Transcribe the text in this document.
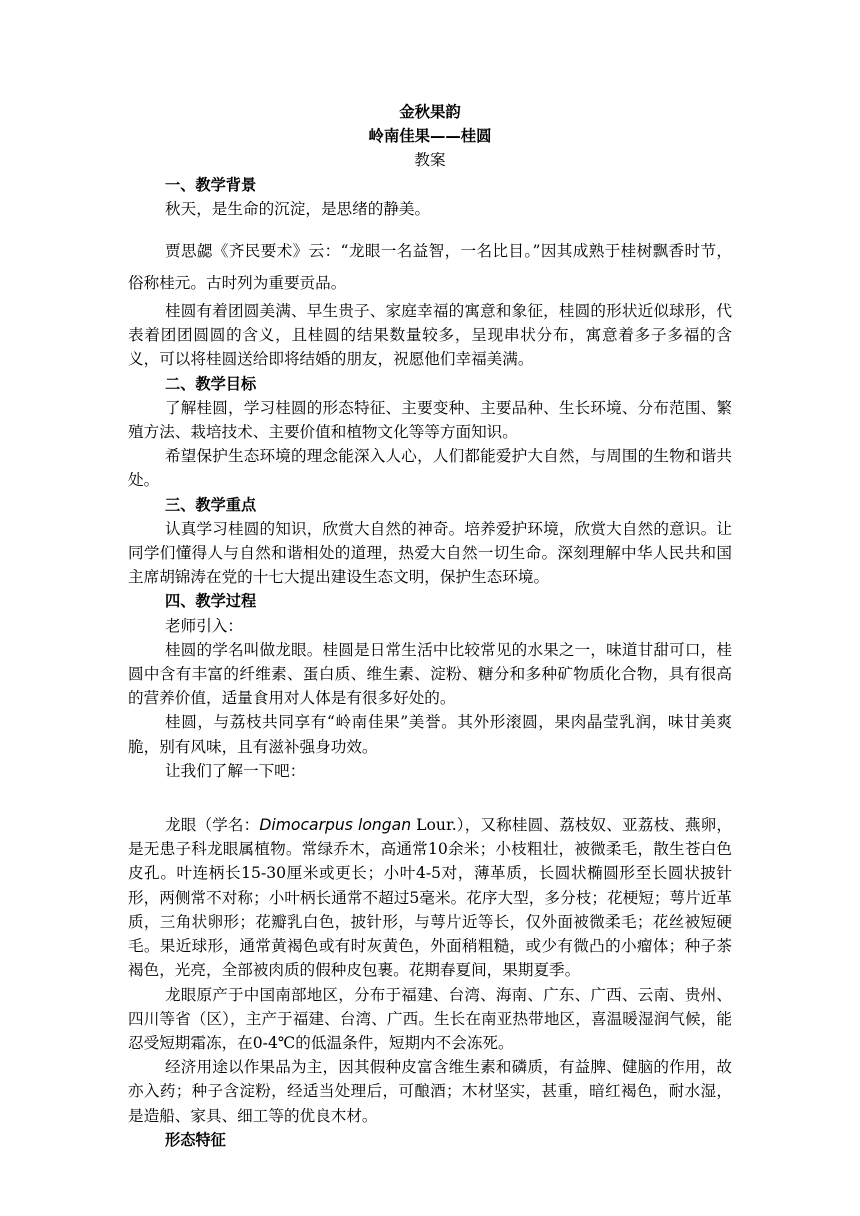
金秋果韵
岭南佳果——桂圆
教案
一、教学背景

秋天，是生命的沉淀，是思绪的静美。

贾思勰《齐民要术》云：“龙眼一名益智，一名比目。”因其成熟于桂树飘香时节，俗称桂元。古时列为重要贡品。

桂圆有着团圆美满、早生贵子、家庭幸福的寓意和象征，桂圆的形状近似球形，代表着团团圆圆的含义，且桂圆的结果数量较多，呈现串状分布，寓意着多子多福的含义，可以将桂圆送给即将结婚的朋友，祝愿他们幸福美满。

二、教学目标

了解桂圆，学习桂圆的形态特征、主要变种、主要品种、生长环境、分布范围、繁殖方法、栽培技术、主要价值和植物文化等等方面知识。

希望保护生态环境的理念能深入人心，人们都能爱护大自然，与周围的生物和谐共处。

三、教学重点

认真学习桂圆的知识，欣赏大自然的神奇。培养爱护环境，欣赏大自然的意识。让同学们懂得人与自然和谐相处的道理，热爱大自然一切生命。深刻理解中华人民共和国主席胡锦涛在党的十七大提出建设生态文明，保护生态环境。

四、教学过程

老师引入：

桂圆的学名叫做龙眼。桂圆是日常生活中比较常见的水果之一，味道甘甜可口，桂圆中含有丰富的纤维素、蛋白质、维生素、淀粉、糖分和多种矿物质化合物，具有很高的营养价值，适量食用对人体是有很多好处的。

桂圆，与荔枝共同享有“岭南佳果”美誉。其外形滚圆，果肉晶莹乳润，味甘美爽脆，别有风味，且有滋补强身功效。

让我们了解一下吧：

龙眼（学名：Dimocarpus longan Lour.），又称桂圆、荔枝奴、亚荔枝、燕卵，是无患子科龙眼属植物。常绿乔木，高通常10余米；小枝粗壮，被微柔毛，散生苍白色皮孔。叶连柄长15-30厘米或更长；小叶4-5对，薄革质，长圆状椭圆形至长圆状披针形，两侧常不对称；小叶柄长通常不超过5毫米。花序大型，多分枝；花梗短；萼片近革质，三角状卵形；花瓣乳白色，披针形，与萼片近等长，仅外面被微柔毛；花丝被短硬毛。果近球形，通常黄褐色或有时灰黄色，外面稍粗糙，或少有微凸的小瘤体；种子茶褐色，光亮，全部被肉质的假种皮包裹。花期春夏间，果期夏季。

龙眼原产于中国南部地区，分布于福建、台湾、海南、广东、广西、云南、贵州、四川等省（区），主产于福建、台湾、广西。生长在南亚热带地区，喜温暖湿润气候，能忍受短期霜冻，在0-4℃的低温条件，短期内不会冻死。

经济用途以作果品为主，因其假种皮富含维生素和磷质，有益脾、健脑的作用，故亦入药；种子含淀粉，经适当处理后，可酿酒；木材坚实，甚重，暗红褐色，耐水湿，是造船、家具、细工等的优良木材。

形态特征
